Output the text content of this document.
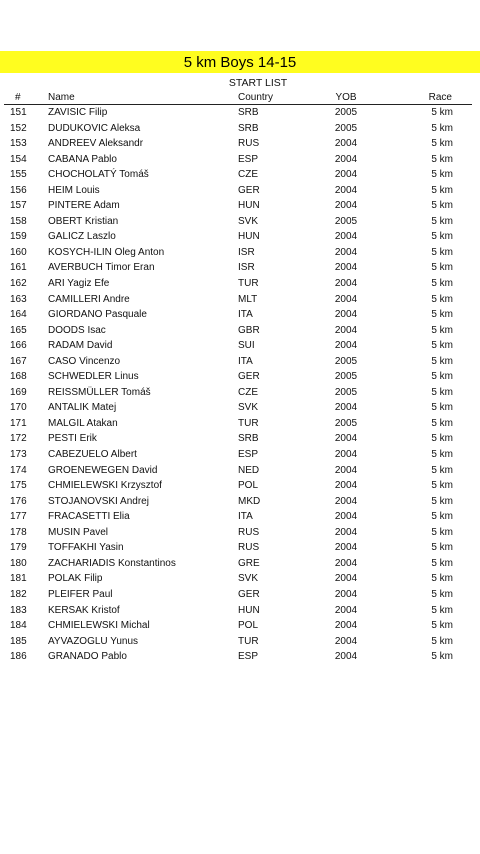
5 km Boys 14-15
START LIST
#	Name	Country	YOB	Race
151	ZAVISIC Filip	SRB	2005	5 km
152	DUDUKOVIC Aleksa	SRB	2005	5 km
153	ANDREEV Aleksandr	RUS	2004	5 km
154	CABANA Pablo	ESP	2004	5 km
155	CHOCHOLATÝ Tomáš	CZE	2004	5 km
156	HEIM Louis	GER	2004	5 km
157	PINTERE Adam	HUN	2004	5 km
158	OBERT Kristian	SVK	2005	5 km
159	GALICZ Laszlo	HUN	2004	5 km
160	KOSYCH-ILIN Oleg Anton	ISR	2004	5 km
161	AVERBUCH Timor Eran	ISR	2004	5 km
162	ARI Yagiz Efe	TUR	2004	5 km
163	CAMILLERI Andre	MLT	2004	5 km
164	GIORDANO Pasquale	ITA	2004	5 km
165	DOODS Isac	GBR	2004	5 km
166	RADAM David	SUI	2004	5 km
167	CASO Vincenzo	ITA	2005	5 km
168	SCHWEDLER Linus	GER	2005	5 km
169	REISSMÜLLER Tomáš	CZE	2005	5 km
170	ANTALIK Matej	SVK	2004	5 km
171	MALGIL Atakan	TUR	2005	5 km
172	PESTI Erik	SRB	2004	5 km
173	CABEZUELO Albert	ESP	2004	5 km
174	GROENEWEGEN David	NED	2004	5 km
175	CHMIELEWSKI Krzysztof	POL	2004	5 km
176	STOJANOVSKI Andrej	MKD	2004	5 km
177	FRACASETTI Elia	ITA	2004	5 km
178	MUSIN Pavel	RUS	2004	5 km
179	TOFFAKHI Yasin	RUS	2004	5 km
180	ZACHARIADIS Konstantinos	GRE	2004	5 km
181	POLAK Filip	SVK	2004	5 km
182	PLEIFER Paul	GER	2004	5 km
183	KERSAK Kristof	HUN	2004	5 km
184	CHMIELEWSKI Michal	POL	2004	5 km
185	AYVAZOGLU Yunus	TUR	2004	5 km
186	GRANADO Pablo	ESP	2004	5 km
